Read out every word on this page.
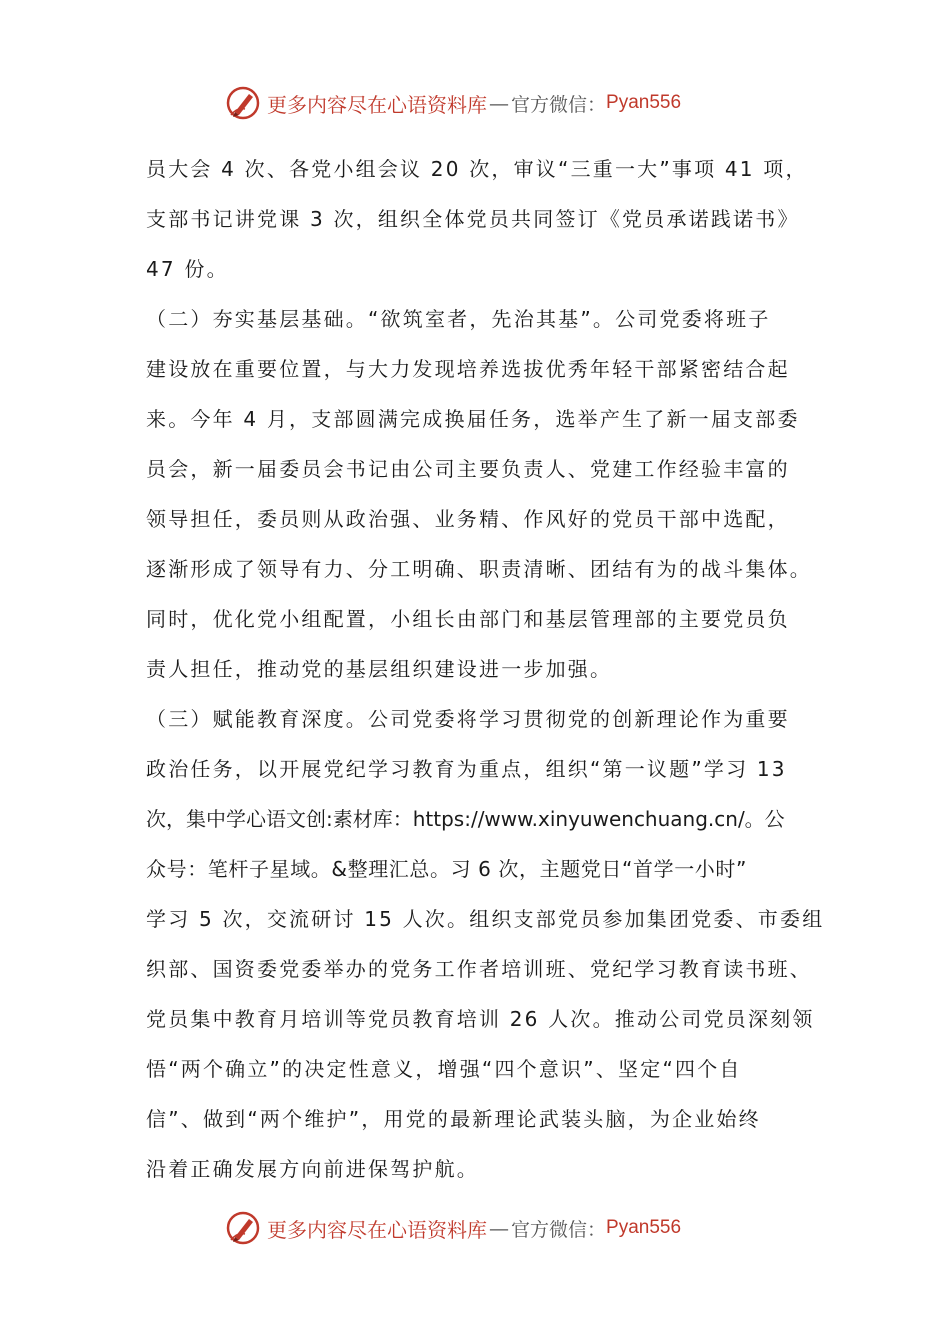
更多内容尽在心语资料库 — 官方微信： Pyan556
员大会 4 次、各党小组会议 20 次，审议“三重一大”事项 41 项，
支部书记讲党课 3 次，组织全体党员共同签订《党员承诺践诺书》
47 份。
（二）夯实基层基础。“欲筑室者，先治其基”。公司党委将班子
建设放在重要位置，与大力发现培养选拔优秀年轻干部紧密结合起
来。今年 4 月，支部圆满完成换届任务，选举产生了新一届支部委
员会，新一届委员会书记由公司主要负责人、党建工作经验丰富的
领导担任，委员则从政治强、业务精、作风好的党员干部中选配，
逐渐形成了领导有力、分工明确、职责清晰、团结有为的战斗集体。
同时，优化党小组配置，小组长由部门和基层管理部的主要党员负
责人担任，推动党的基层组织建设进一步加强。
（三）赋能教育深度。公司党委将学习贯彻党的创新理论作为重要
政治任务，以开展党纪学习教育为重点，组织“第一议题”学习 13
次，集中学心语文创:素材库：https://www.xinyuwenchuang.cn/。公
众号：笔杆子星域。&整理汇总。习 6 次，主题党日“首学一小时”
学习 5 次，交流研讨 15 人次。组织支部党员参加集团党委、市委组
织部、国资委党委举办的党务工作者培训班、党纪学习教育读书班、
党员集中教育月培训等党员教育培训 26 人次。推动公司党员深刻领
悟“两个确立”的决定性意义，增强“四个意识”、坚定“四个自
信”、做到“两个维护”，用党的最新理论武装头脑，为企业始终
沿着正确发展方向前进保驾护航。
更多内容尽在心语资料库 — 官方微信： Pyan556
